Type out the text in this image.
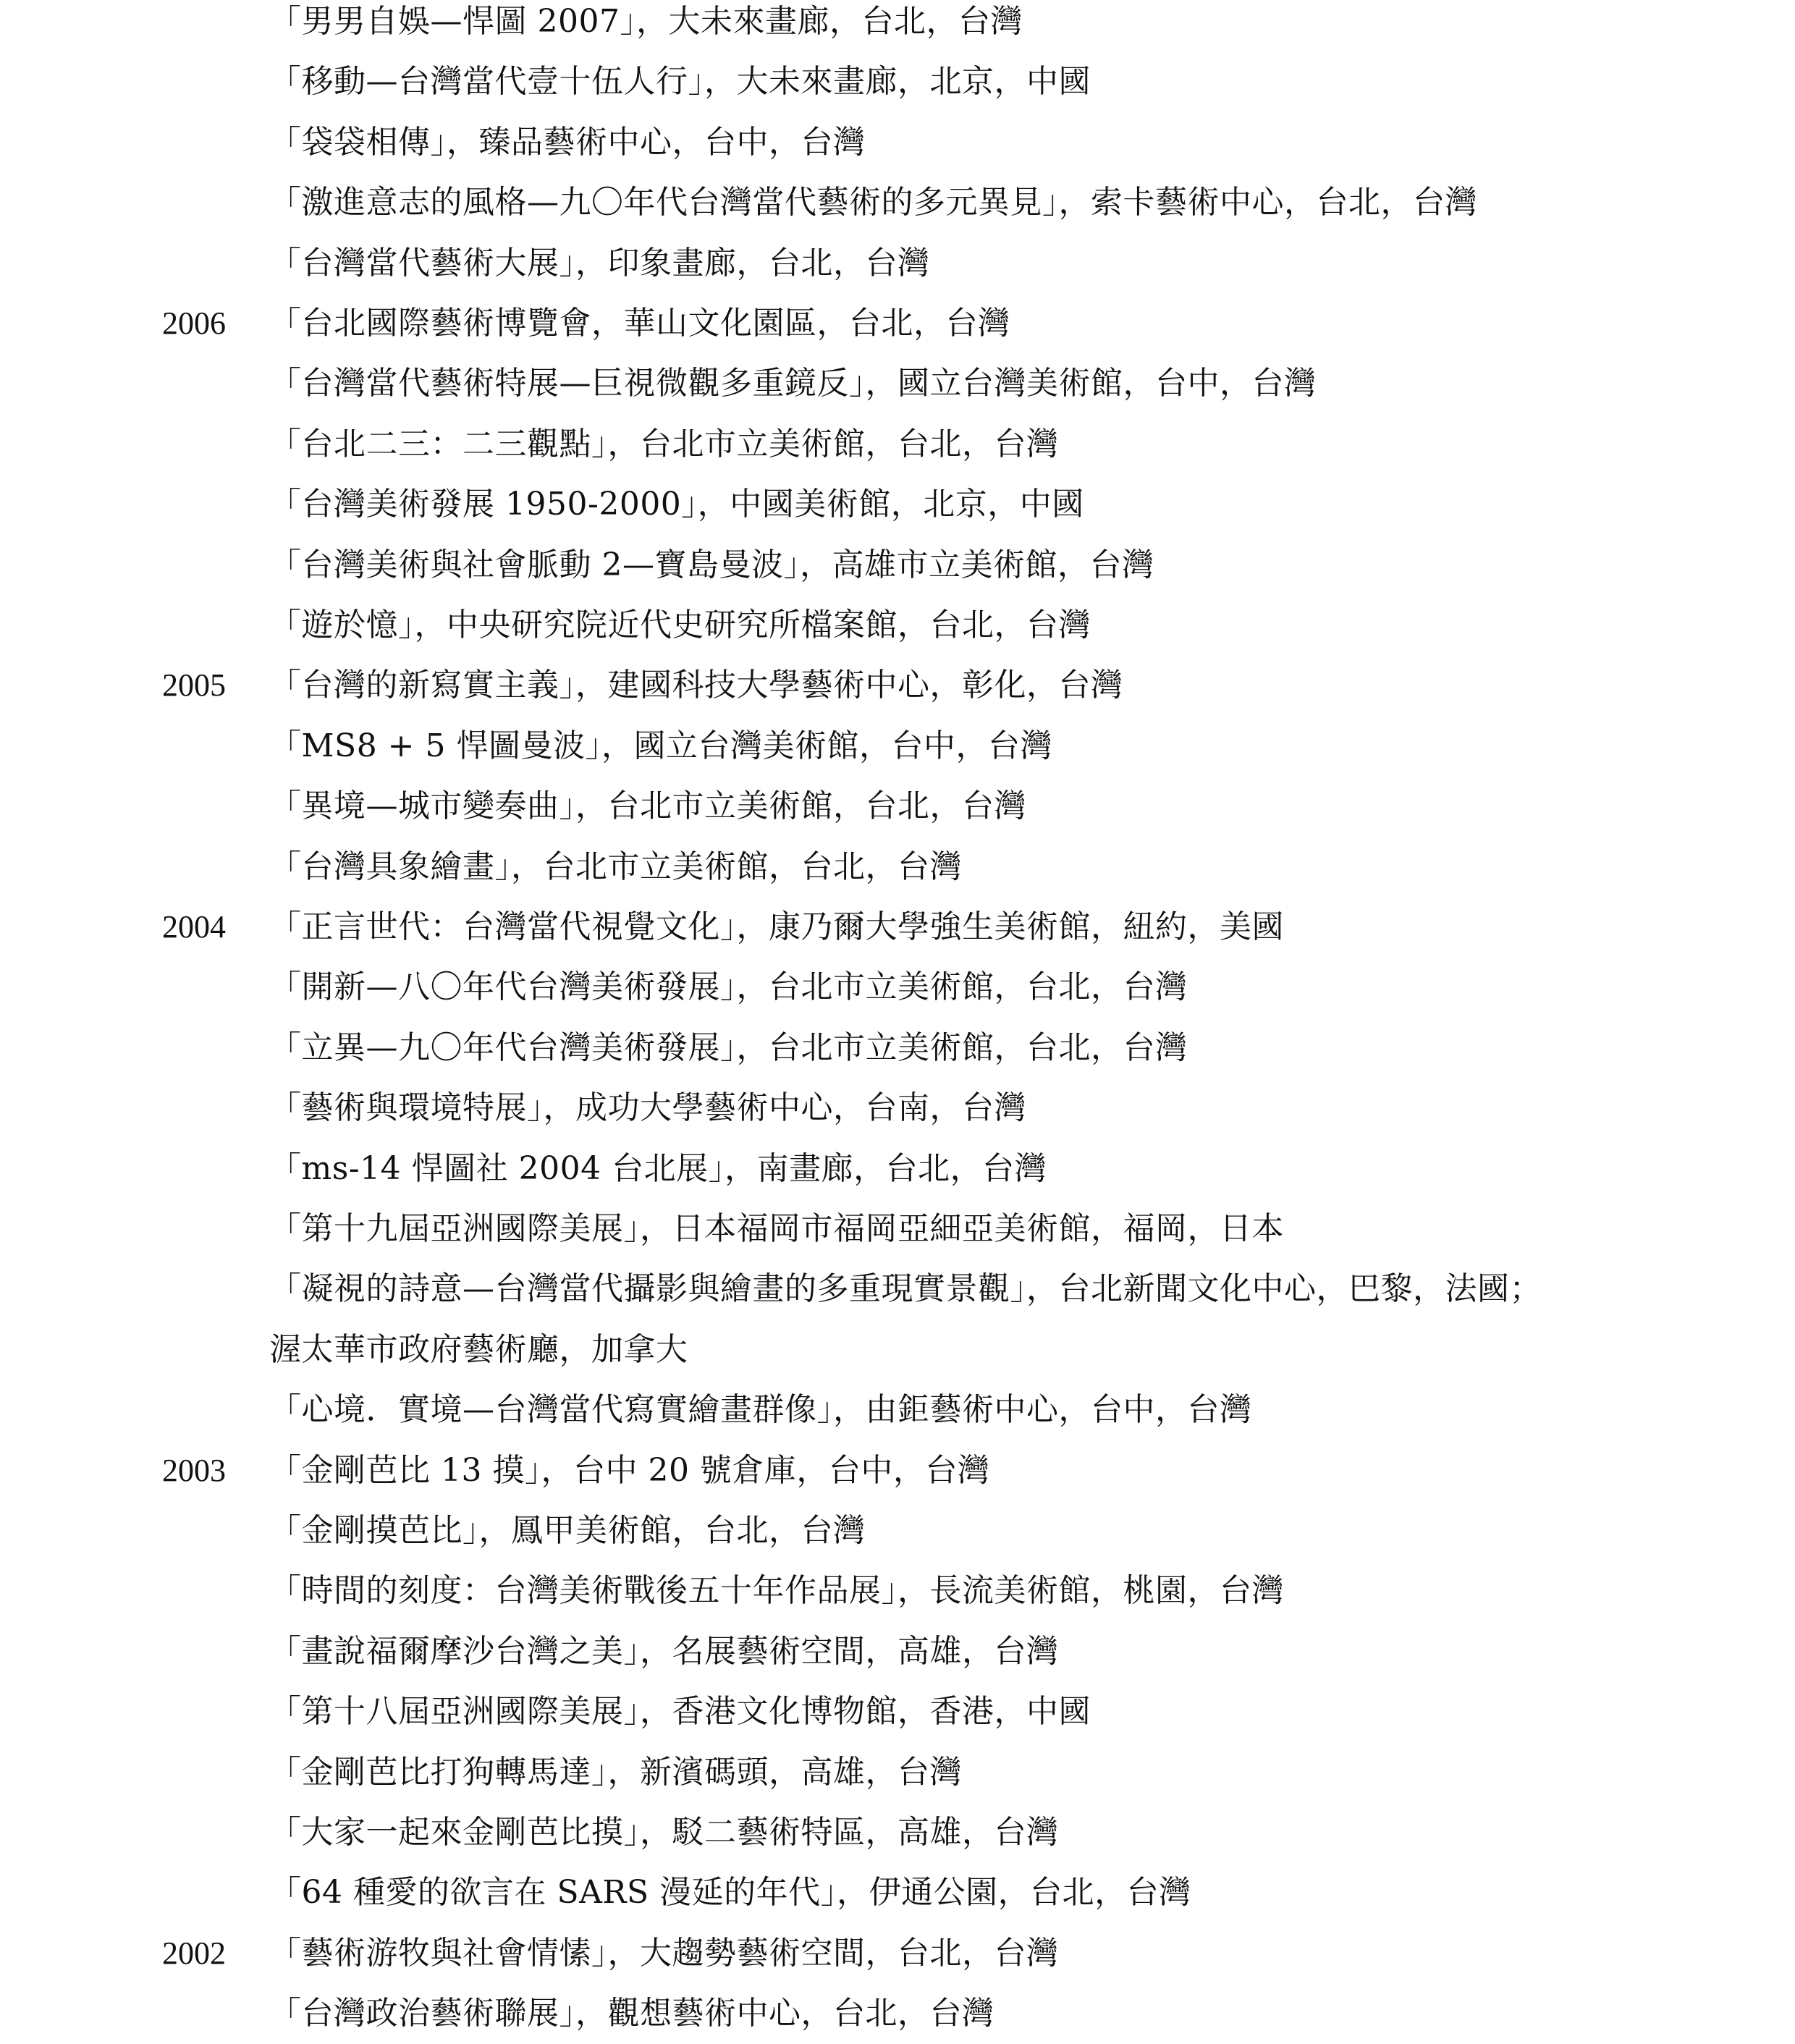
「男男自娛—悍圖 2007」，大未來畫廊，台北，台灣
「移動—台灣當代壹十伍人行」，大未來畫廊，北京，中國
「袋袋相傳」，臻品藝術中心，台中，台灣
「激進意志的風格—九〇年代台灣當代藝術的多元異見」，索卡藝術中心，台北，台灣
「台灣當代藝術大展」，印象畫廊，台北，台灣
2006 「台北國際藝術博覽會，華山文化園區，台北，台灣
「台灣當代藝術特展—巨視微觀多重鏡反」，國立台灣美術館，台中，台灣
「台北二三：二三觀點」，台北市立美術館，台北，台灣
「台灣美術發展 1950-2000」，中國美術館，北京，中國
「台灣美術與社會脈動 2—寶島曼波」，高雄市立美術館，台灣
「遊於憶」，中央研究院近代史研究所檔案館，台北，台灣
2005 「台灣的新寫實主義」，建國科技大學藝術中心，彰化，台灣
「MS8 + 5 悍圖曼波」，國立台灣美術館，台中，台灣
「異境—城市變奏曲」，台北市立美術館，台北，台灣
「台灣具象繪畫」，台北市立美術館，台北，台灣
2004 「正言世代：台灣當代視覺文化」，康乃爾大學強生美術館，紐約，美國
「開新—八〇年代台灣美術發展」，台北市立美術館，台北，台灣
「立異—九〇年代台灣美術發展」，台北市立美術館，台北，台灣
「藝術與環境特展」，成功大學藝術中心，台南，台灣
「ms-14 悍圖社 2004 台北展」，南畫廊，台北，台灣
「第十九屆亞洲國際美展」，日本福岡市福岡亞細亞美術館，福岡，日本
「凝視的詩意—台灣當代攝影與繪畫的多重現實景觀」，台北新聞文化中心，巴黎，法國；
渥太華市政府藝術廳，加拿大
「心境．實境—台灣當代寫實繪畫群像」，由鉅藝術中心，台中，台灣
2003 「金剛芭比 13 摸」，台中 20 號倉庫，台中，台灣
「金剛摸芭比」，鳳甲美術館，台北，台灣
「時間的刻度：台灣美術戰後五十年作品展」，長流美術館，桃園，台灣
「畫說福爾摩沙台灣之美」，名展藝術空間，高雄，台灣
「第十八屆亞洲國際美展」，香港文化博物館，香港，中國
「金剛芭比打狗轉馬達」，新濱碼頭，高雄，台灣
「大家一起來金剛芭比摸」，駁二藝術特區，高雄，台灣
「64 種愛的欲言在 SARS 漫延的年代」，伊通公園，台北，台灣
2002 「藝術游牧與社會情愫」，大趨勢藝術空間，台北，台灣
「台灣政治藝術聯展」，觀想藝術中心，台北，台灣
